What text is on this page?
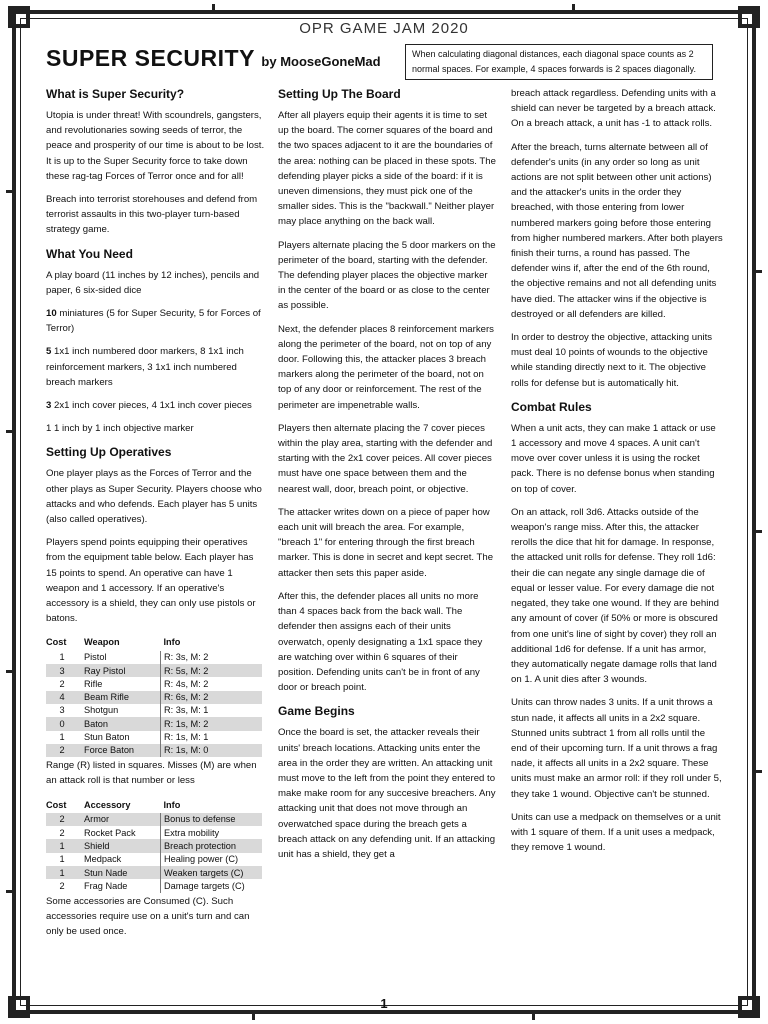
OPR GAME JAM 2020
SUPER SECURITY by MooseGoneMad	When calculating diagonal distances, each diagonal space counts as 2 normal spaces. For example, 4 spaces forwards is 2 spaces diagonally.
What is Super Security?

Utopia is under threat! With scoundrels, gangsters, and revolutionaries sowing seeds of terror, the peace and prosperity of our time is about to be lost. It is up to the Super Security force to take down these rag-tag Forces of Terror once and for all!

Breach into terrorist storehouses and defend from terrorist assaults in this two-player turn-based strategy game.

What You Need

A play board (11 inches by 12 inches), pencils and paper, 6 six-sided dice

10 miniatures (5 for Super Security, 5 for Forces of Terror)

5 1x1 inch numbered door markers, 8 1x1 inch reinforcement markers, 3 1x1 inch numbered breach markers

3 2x1 inch cover pieces, 4 1x1 inch cover pieces

1 1 inch by 1 inch objective marker

Setting Up Operatives

One player plays as the Forces of Terror and the other plays as Super Security. Players choose who attacks and who defends. Each player has 5 units (also called operatives).

Players spend points equipping their operatives from the equipment table below. Each player has 15 points to spend. An operative can have 1 weapon and 1 accessory. If an operative's accessory is a shield, they can only use pistols or batons.

Cost	Weapon	Info
1	Pistol	R: 3s, M: 2
3	Ray Pistol	R: 5s, M: 2
2	Rifle	R: 4s, M: 2
4	Beam Rifle	R: 6s, M: 2
3	Shotgun	R: 3s, M: 1
0	Baton	R: 1s, M: 2
1	Stun Baton	R: 1s, M: 1
2	Force Baton	R: 1s, M: 0

Range (R) listed in squares. Misses (M) are when an attack roll is that number or less

Cost	Accessory	Info
2	Armor	Bonus to defense
2	Rocket Pack	Extra mobility
1	Shield	Breach protection
1	Medpack	Healing power (C)
1	Stun Nade	Weaken targets (C)
2	Frag Nade	Damage targets (C)

Some accessories are Consumed (C). Such accessories require use on a unit's turn and can only be used once.

Setting Up The Board

After all players equip their agents it is time to set up the board. The corner squares of the board and the two spaces adjacent to it are the boundaries of the area: nothing can be placed in these spots. The defending player picks a side of the board: if it is uneven dimensions, they must pick one of the smaller sides. This is the "backwall." Neither player may place anything on the back wall.

Players alternate placing the 5 door markers on the perimeter of the board, starting with the defender. The defending player places the objective marker in the center of the board or as close to the center as possible.

Next, the defender places 8 reinforcement markers along the perimeter of the board, not on top of any door. Following this, the attacker places 3 breach markers along the perimeter of the board, not on top of any door or reinforcement. The rest of the perimeter are impenetrable walls.

Players then alternate placing the 7 cover pieces within the play area, starting with the defender and starting with the 2x1 cover peices. All cover pieces must have one space between them and the nearest wall, door, breach point, or objective.

The attacker writes down on a piece of paper how each unit will breach the area. For example, "breach 1" for entering through the first breach marker. This is done in secret and kept secret. The attacker then sets this paper aside.

After this, the defender places all units no more than 4 spaces back from the back wall. The defender then assigns each of their units overwatch, openly designating a 1x1 space they are watching over within 6 squares of their position. Defending units can't be in front of any door or breach point.

Game Begins

Once the board is set, the attacker reveals their units' breach locations. Attacking units enter the area in the order they are written. An attacking unit must move to the left from the point they entered to make make room for any succesive breachers. Any attacking unit that does not move through an overwatched space during the breach gets a breach attack on any defending unit. If an attacking unit has a shield, they get a

breach attack regardless. Defending units with a shield can never be targeted by a breach attack. On a breach attack, a unit has -1 to attack rolls.

After the breach, turns alternate between all of defender's units (in any order so long as unit actions are not split between other unit actions) and the attacker's units in the order they breached, with those entering from lower numbered markers going before those entering from higher numbered markers. After both players finish their turns, a round has passed. The defender wins if, after the end of the 6th round, the objective remains and not all defending units have died. The attacker wins if the objective is destroyed or all defenders are killed.

In order to destroy the objective, attacking units must deal 10 points of wounds to the objective while standing directly next to it. The objective rolls for defense but is automatically hit.

Combat Rules

When a unit acts, they can make 1 attack or use 1 accessory and move 4 spaces. A unit can't move over cover unless it is using the rocket pack. There is no defense bonus when standing on top of cover.

On an attack, roll 3d6. Attacks outside of the weapon's range miss. After this, the attacker rerolls the dice that hit for damage. In response, the attacked unit rolls for defense. They roll 1d6: their die can negate any single damage die of equal or lesser value. For every damage die not negated, they take one wound. If they are behind any amount of cover (if 50% or more is obscured from one unit's line of sight by cover) they roll an additional 1d6 for defense. If a unit has armor, they automatically negate damage rolls that land on 1. A unit dies after 3 wounds.

Units can throw nades 3 units. If a unit throws a stun nade, it affects all units in a 2x2 square. Stunned units subtract 1 from all rolls until the end of their upcoming turn. If a unit throws a frag nade, it affects all units in a 2x2 square. These units must make an armor roll: if they roll under 5, they take 1 wound. Objective can't be stunned.

Units can use a medpack on themselves or a unit with 1 square of them. If a unit uses a medpack, they remove 1 wound.

1
